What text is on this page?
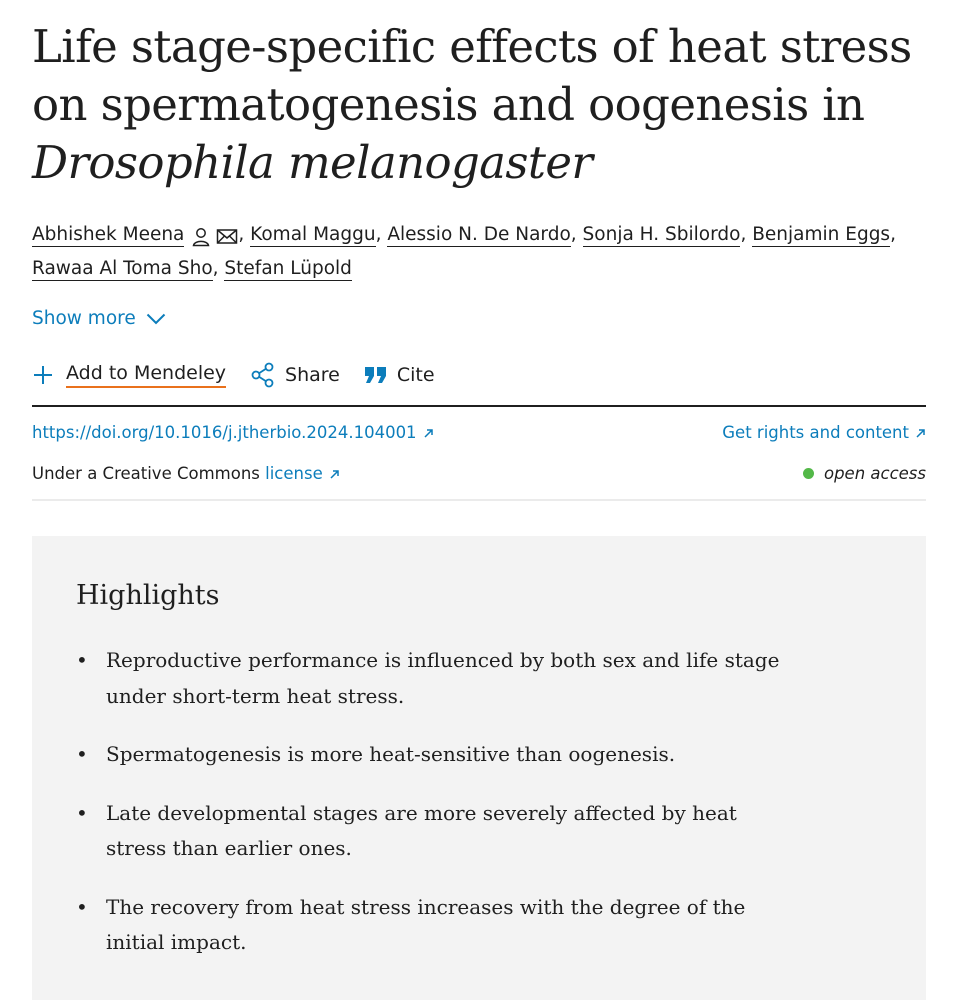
Life stage-specific effects of heat stress on spermatogenesis and oogenesis in
Drosophila melanogaster
Abhishek Meena	, Komal Maggu, Alessio N. De Nardo, Sonja H. Sbilordo, Benjamin Eggs,
Rawaa Al Toma Sho, Stefan Lüpold
Show more
Add to Mendeley	Share	Cite
https://doi.org/10.1016/j.jtherbio.2024.104001	Get rights and content
Under a Creative Commons license	open access
Highlights
• Reproductive performance is influenced by both sex and life stage under short-term heat stress.
• Spermatogenesis is more heat-sensitive than oogenesis.
• Late developmental stages are more severely affected by heat stress than earlier ones.
• The recovery from heat stress increases with the degree of the initial impact.
